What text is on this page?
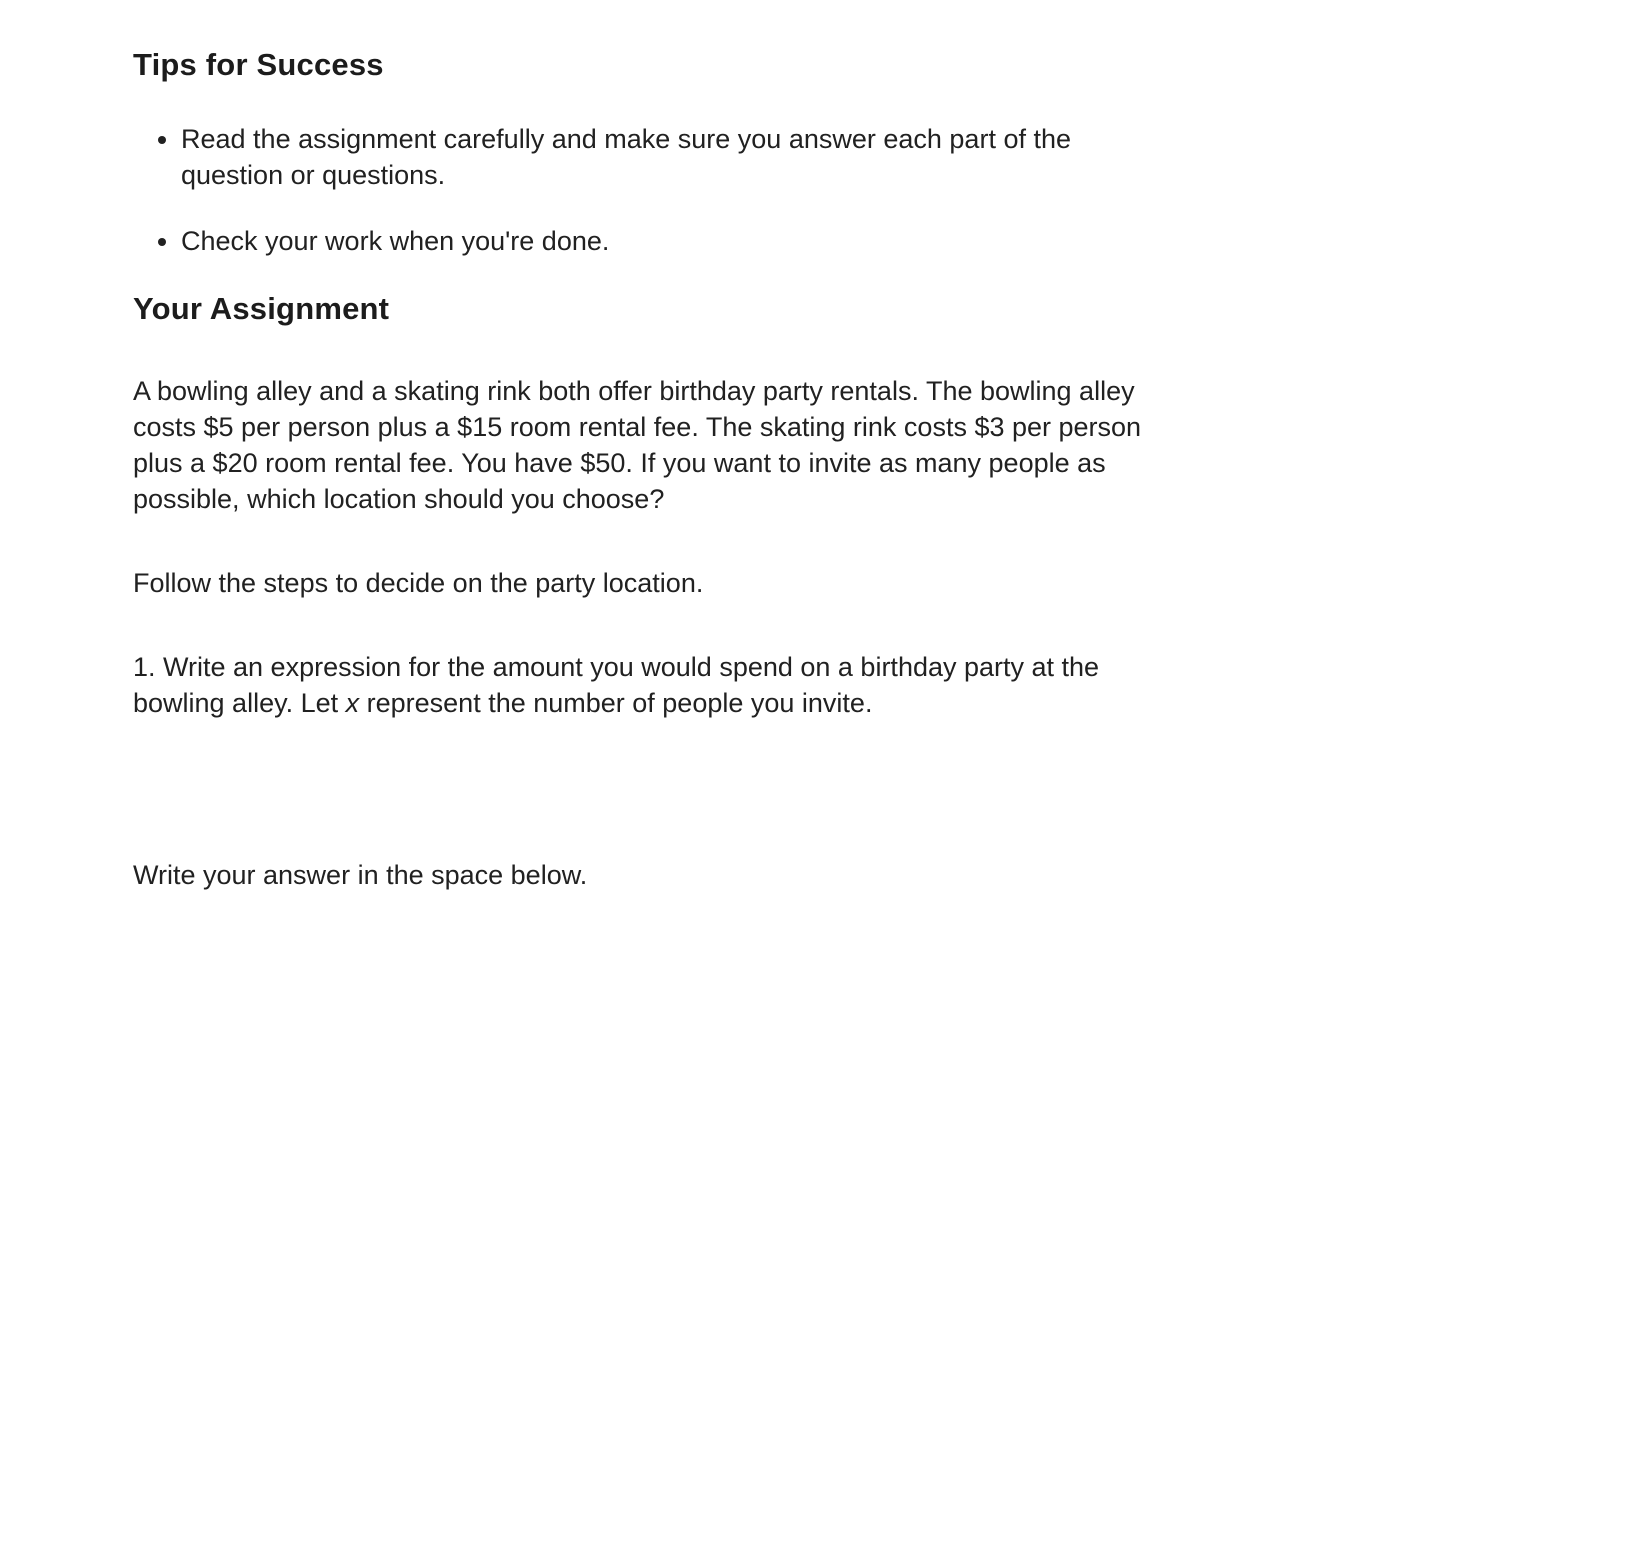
Tips for Success
• Read the assignment carefully and make sure you answer each part of the
question or questions.
• Check your work when you're done.
Your Assignment
A bowling alley and a skating rink both offer birthday party rentals. The bowling alley
costs $5 per person plus a $15 room rental fee. The skating rink costs $3 per person
plus a $20 room rental fee. You have $50. If you want to invite as many people as
possible, which location should you choose?

Follow the steps to decide on the party location.

1. Write an expression for the amount you would spend on a birthday party at the
bowling alley. Let x represent the number of people you invite.

Write your answer in the space below.
